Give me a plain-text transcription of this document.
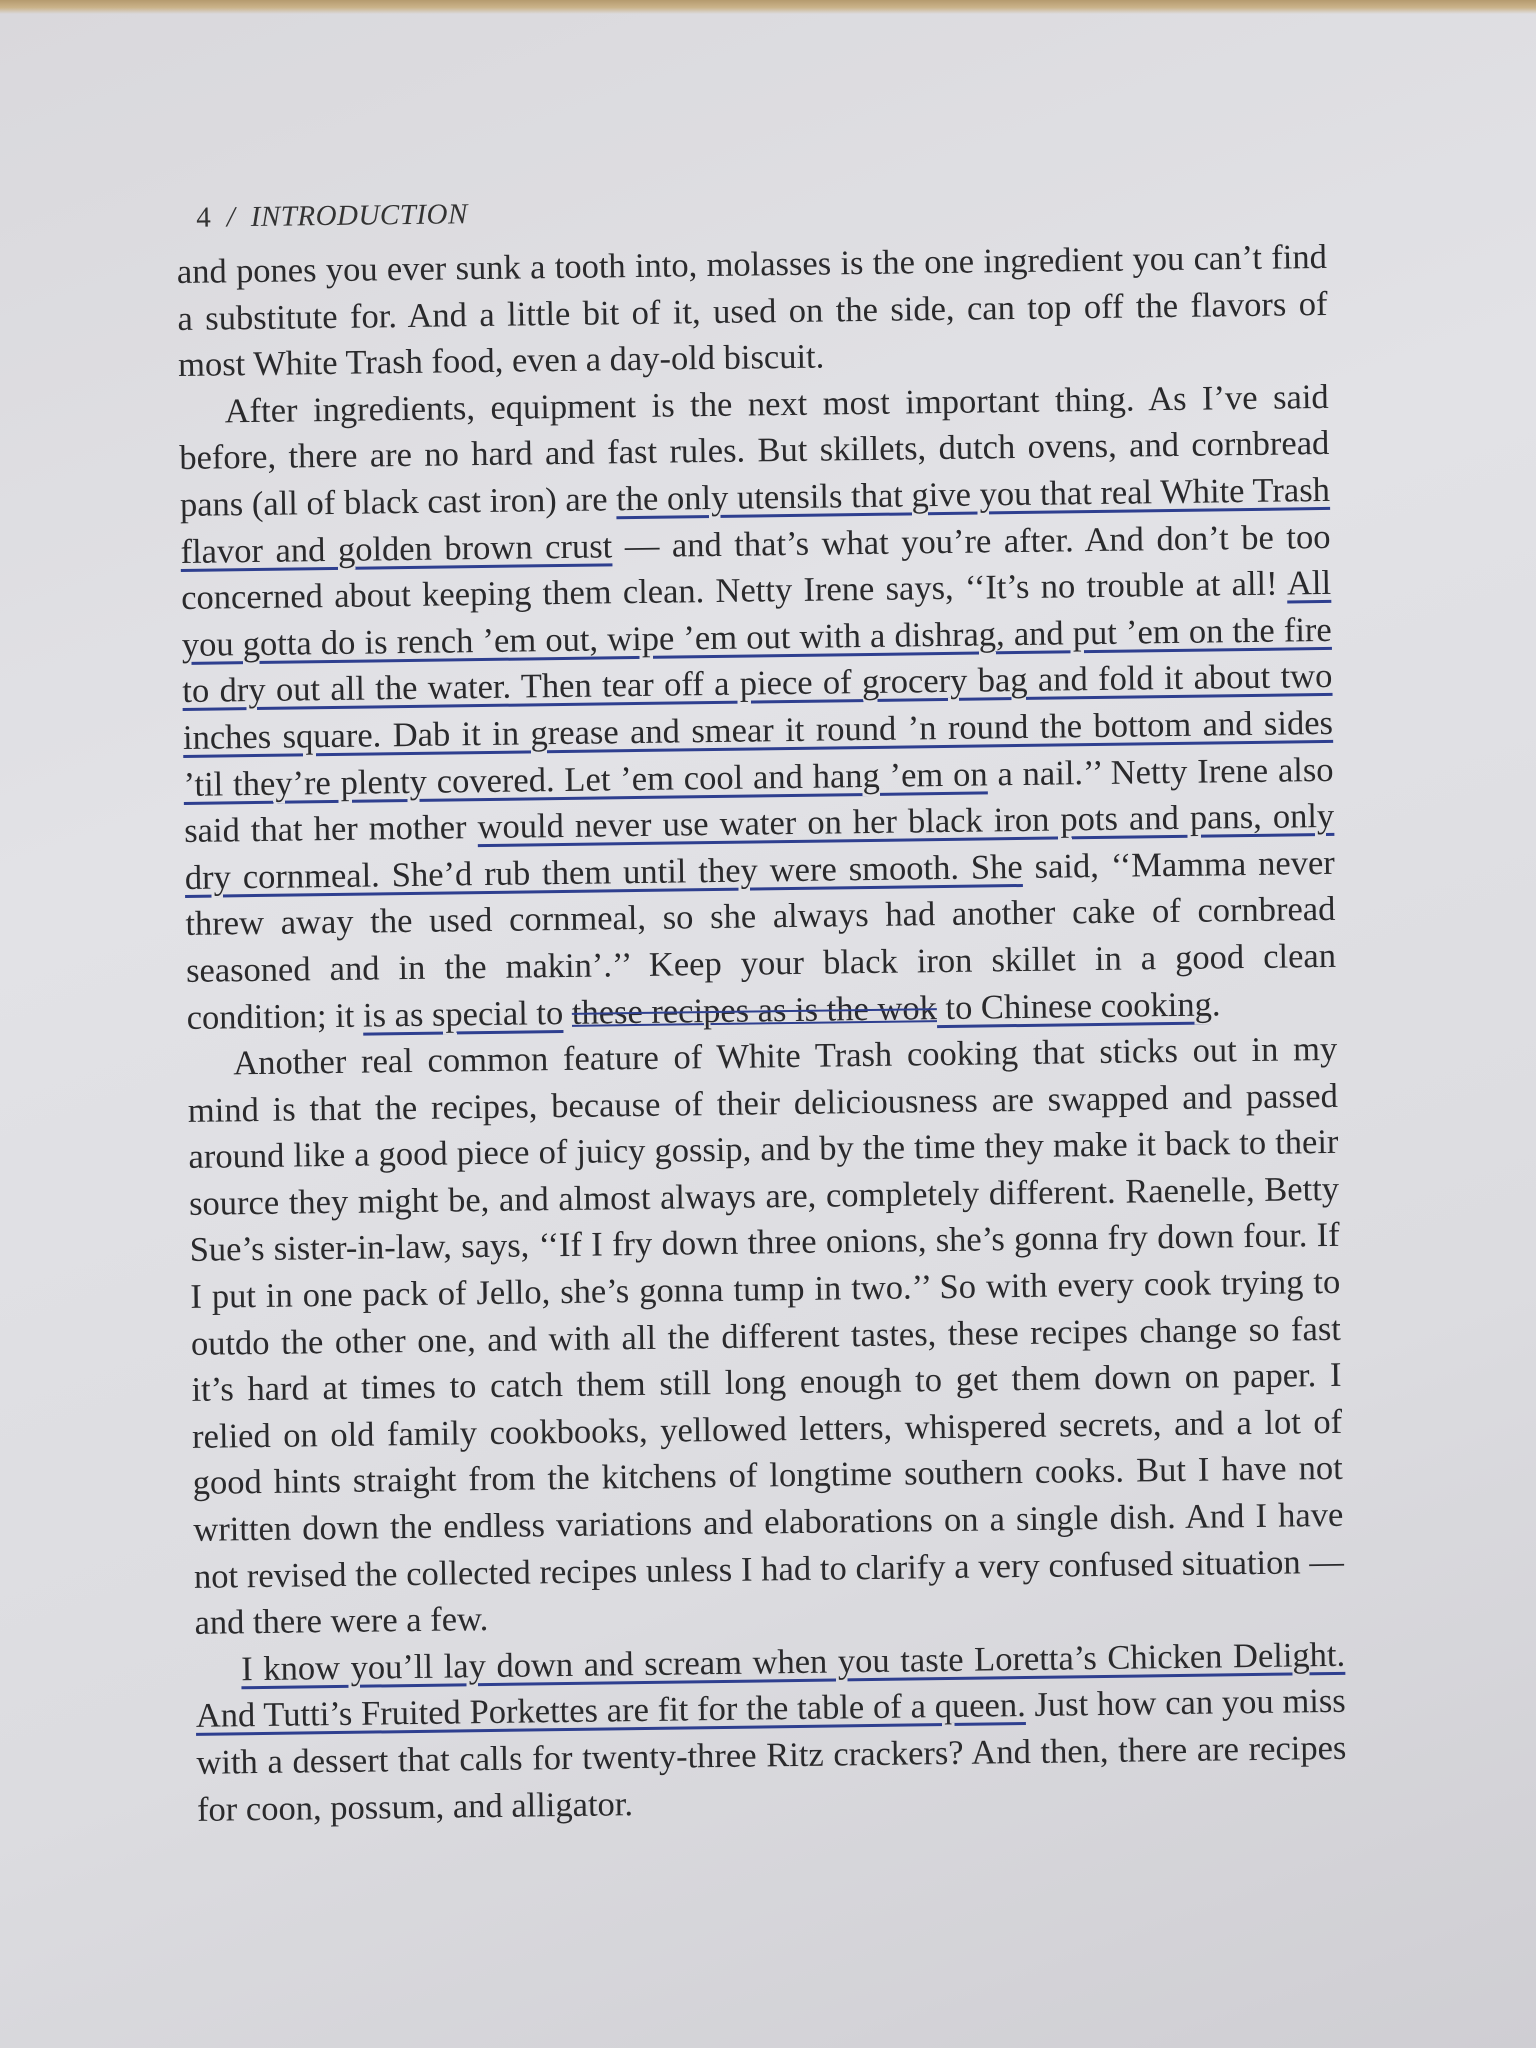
4 / INTRODUCTION

and pones you ever sunk a tooth into, molasses is the one ingredient you can’t find a substitute for. And a little bit of it, used on the side, can top off the flavors of most White Trash food, even a day-old biscuit.

After ingredients, equipment is the next most important thing. As I’ve said before, there are no hard and fast rules. But skillets, dutch ovens, and cornbread pans (all of black cast iron) are the only utensils that give you that real White Trash flavor and golden brown crust — and that’s what you’re after. And don’t be too concerned about keeping them clean. Netty Irene says, ‘‘It’s no trouble at all! All you gotta do is rench ’em out, wipe ’em out with a dishrag, and put ’em on the fire to dry out all the water. Then tear off a piece of grocery bag and fold it about two inches square. Dab it in grease and smear it round ’n round the bottom and sides ’til they’re plenty covered. Let ’em cool and hang ’em on a nail.’’ Netty Irene also said that her mother would never use water on her black iron pots and pans, only dry cornmeal. She’d rub them until they were smooth. She said, ‘‘Mamma never threw away the used cornmeal, so she always had another cake of cornbread seasoned and in the makin’.’’ Keep your black iron skillet in a good clean condition; it is as special to these recipes as is the wok to Chinese cooking.

Another real common feature of White Trash cooking that sticks out in my mind is that the recipes, because of their deliciousness are swapped and passed around like a good piece of juicy gossip, and by the time they make it back to their source they might be, and almost always are, completely different. Raenelle, Betty Sue’s sister-in-law, says, ‘‘If I fry down three onions, she’s gonna fry down four. If I put in one pack of Jello, she’s gonna tump in two.’’ So with every cook trying to outdo the other one, and with all the different tastes, these recipes change so fast it’s hard at times to catch them still long enough to get them down on paper. I relied on old family cookbooks, yellowed letters, whispered secrets, and a lot of good hints straight from the kitchens of longtime southern cooks. But I have not written down the endless variations and elaborations on a single dish. And I have not revised the collected recipes unless I had to clarify a very confused situation — and there were a few.

I know you’ll lay down and scream when you taste Loretta’s Chicken Delight. And Tutti’s Fruited Porkettes are fit for the table of a queen. Just how can you miss with a dessert that calls for twenty-three Ritz crackers? And then, there are recipes for coon, possum, and alligator.
